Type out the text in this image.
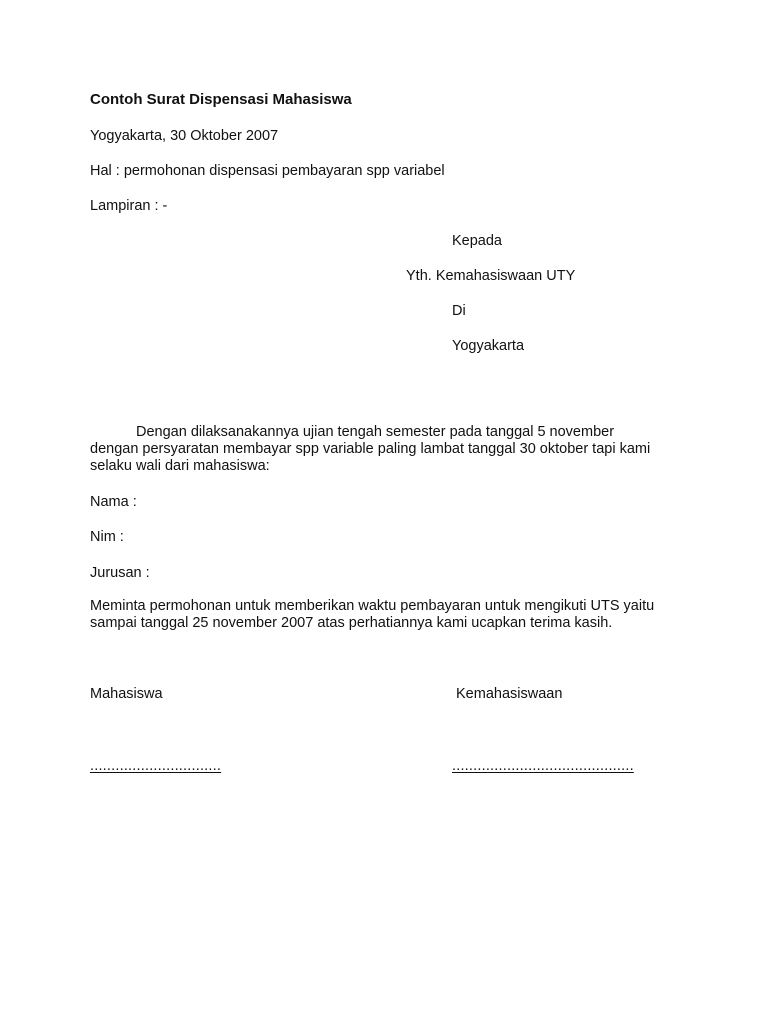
Contoh Surat Dispensasi Mahasiswa
Yogyakarta, 30 Oktober 2007
Hal : permohonan dispensasi pembayaran spp variabel
Lampiran : -
Kepada
Yth. Kemahasiswaan UTY
Di
Yogyakarta
Dengan dilaksanakannya ujian tengah semester pada tanggal 5 november
dengan persyaratan membayar spp variable paling lambat tanggal 30 oktober tapi kami
selaku wali dari mahasiswa:
Nama :
Nim :
Jurusan :
Meminta permohonan untuk memberikan waktu pembayaran untuk mengikuti UTS yaitu
sampai tanggal 25 november 2007 atas perhatiannya kami ucapkan terima kasih.
Mahasiswa	Kemahasiswaan
...............................	...........................................
